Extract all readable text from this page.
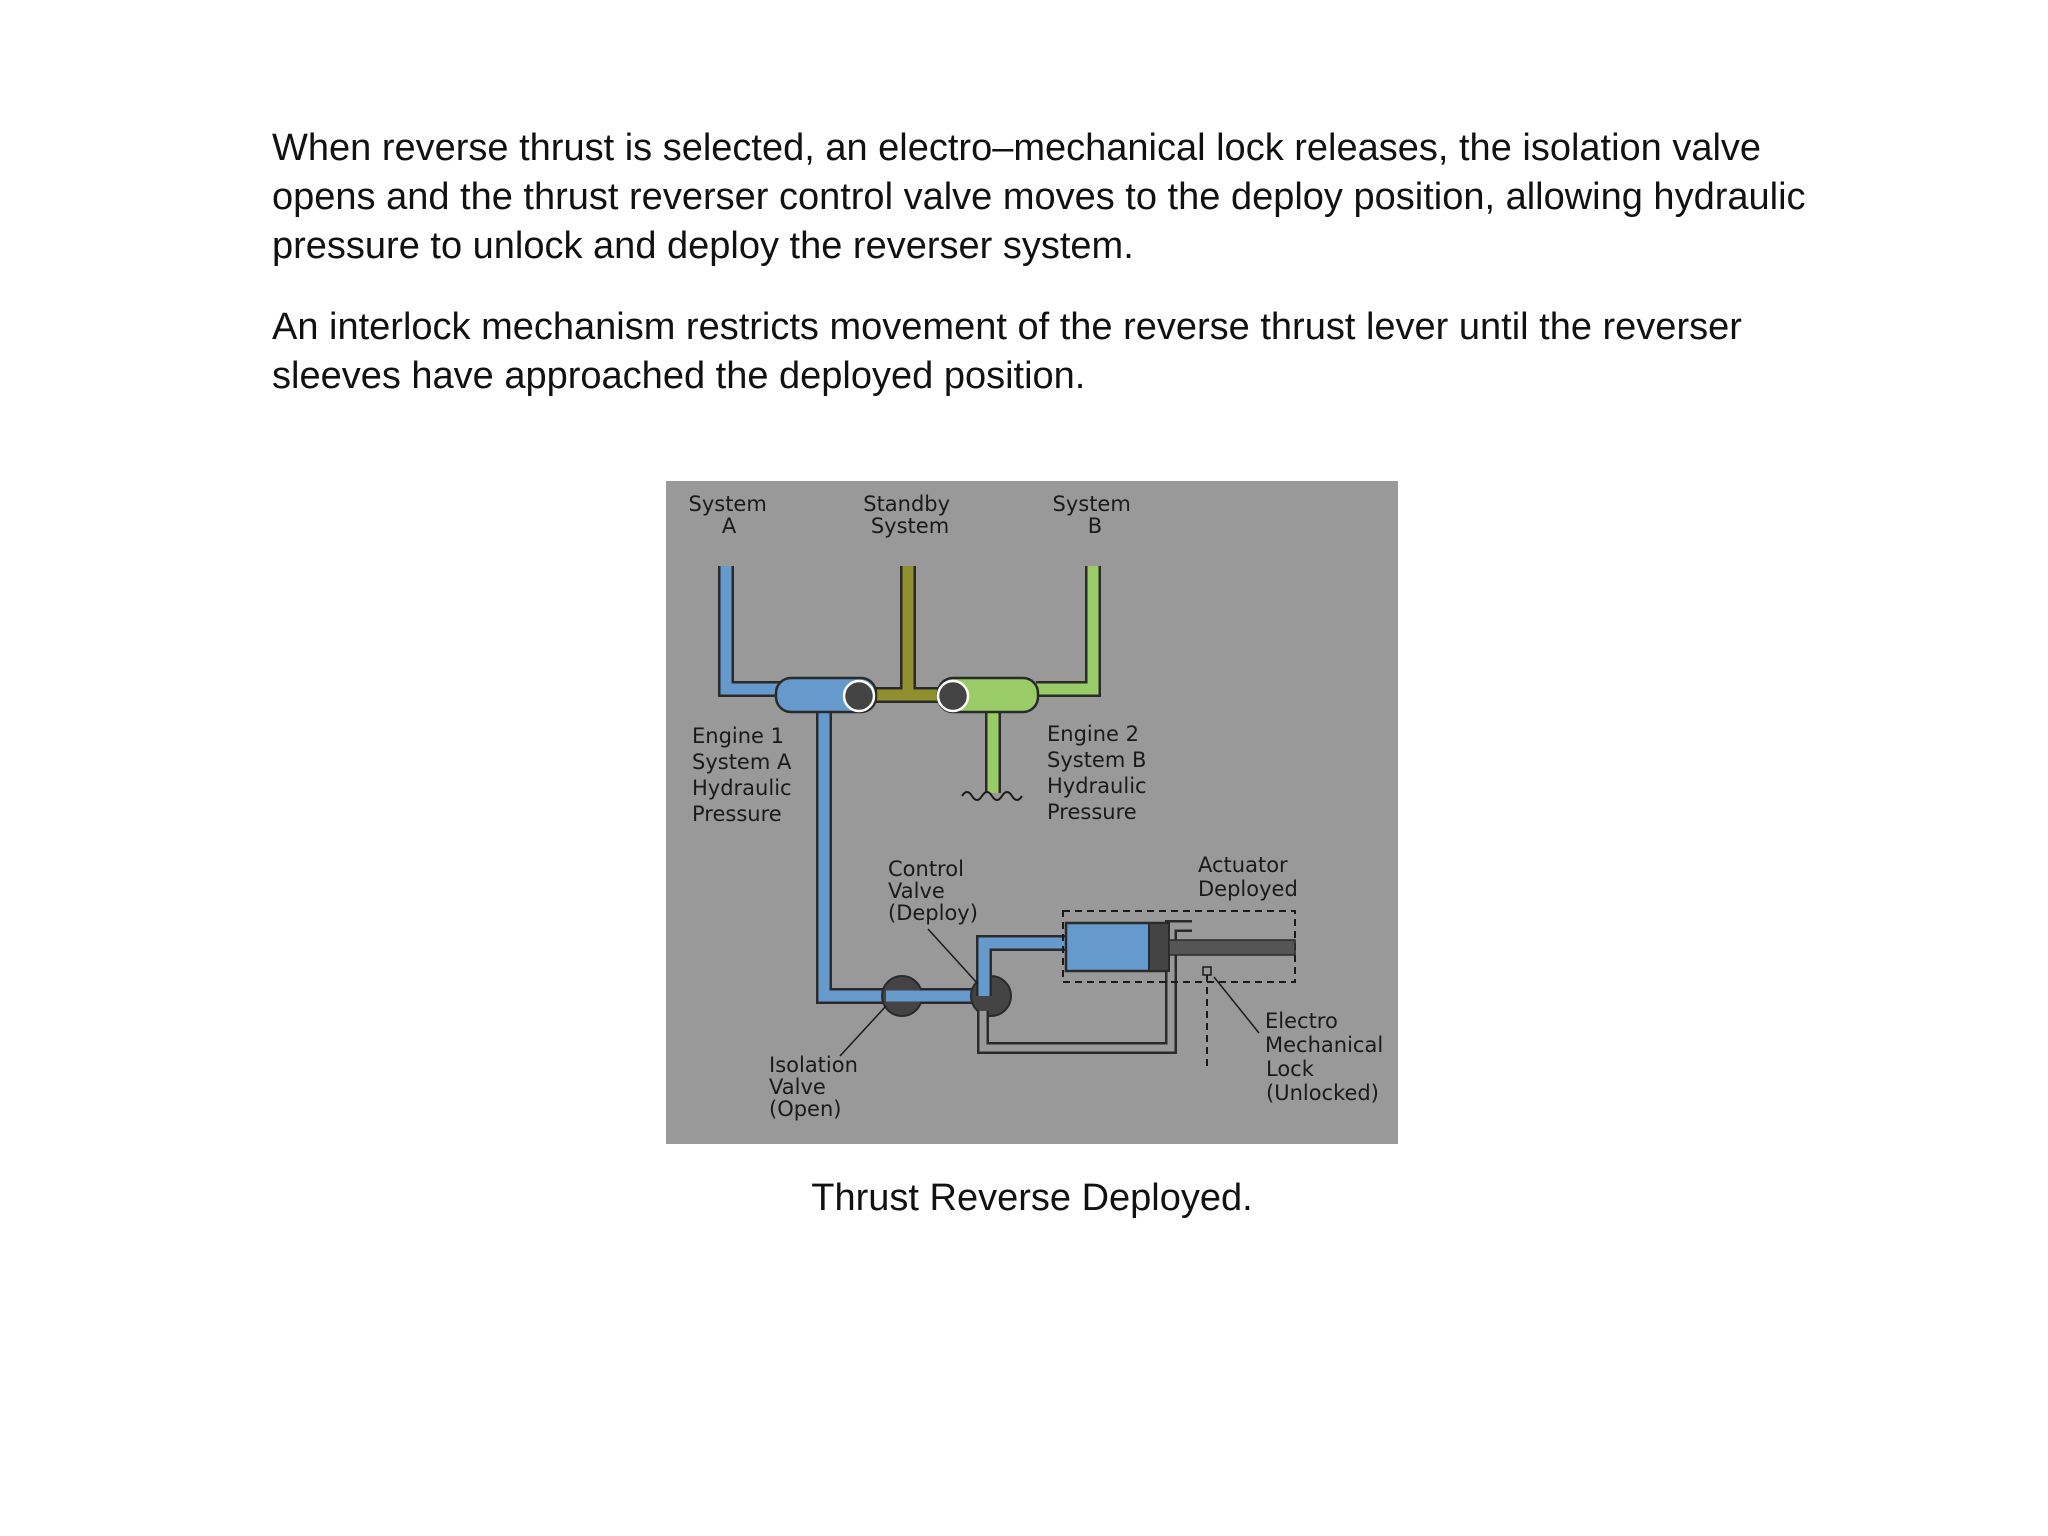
When reverse thrust is selected, an electro–mechanical lock releases, the isolation valve opens and the thrust reverser control valve moves to the deploy position, allowing hydraulic pressure to unlock and deploy the reverser system.

An interlock mechanism restricts movement of the reverse thrust lever until the reverser sleeves have approached the deployed position.

System A
Standby System
System B
Engine 1 System A Hydraulic Pressure
Engine 2 System B Hydraulic Pressure
Control Valve (Deploy)
Actuator Deployed
Isolation Valve (Open)
Electro Mechanical Lock (Unlocked)
Thrust Reverse Deployed.
